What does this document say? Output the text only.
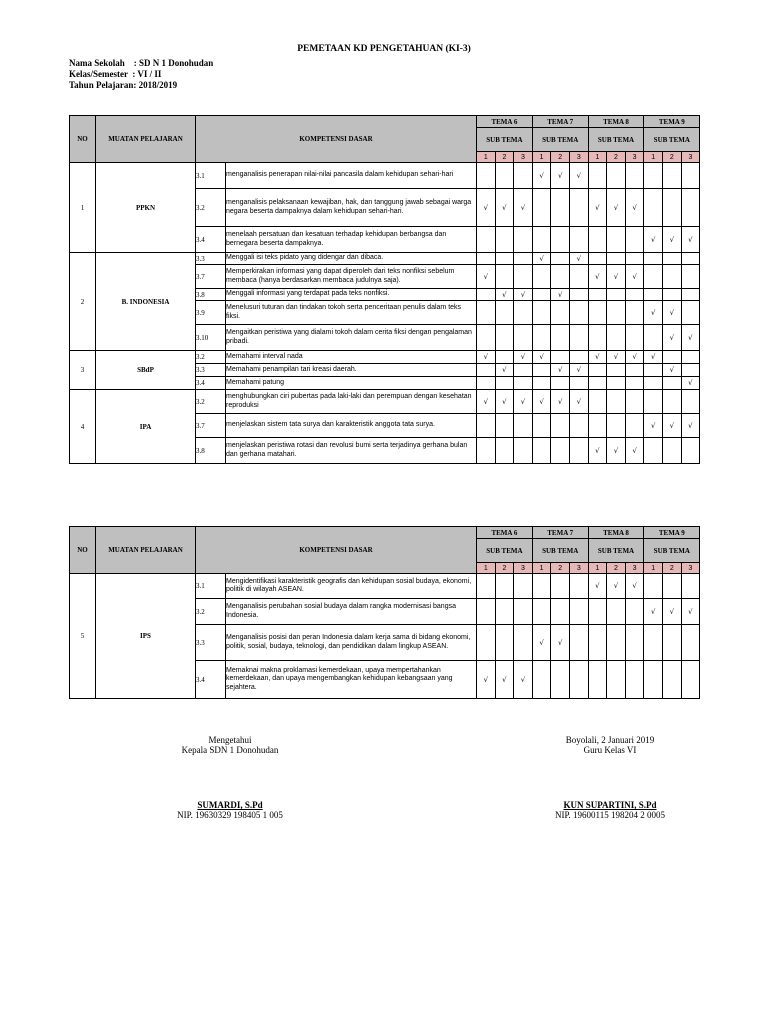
PEMETAAN KD PENGETAHUAN (KI-3)
Nama Sekolah    : SD N 1 Donohudan
Kelas/Semester  : VI / II
Tahun Pelajaran: 2018/2019
NO	MUATAN PELAJARAN	KOMPETENSI DASAR		TEMA 6			TEMA 7			TEMA 8			TEMA 9		
				SUB TEMA			SUB TEMA			SUB TEMA			SUB TEMA		
				1	2	3	1	2	3	1	2	3	1	2	3
1	PPKN	3.1	menganalisis penerapan nilai-nilai pancasila dalam kehidupan sehari-hari				√	√	√						
		3.2	menganalisis pelaksanaan kewajiban, hak, dan tanggung jawab sebagai warga negara beserta dampaknya dalam kehidupan sehari-hari.	√	√	√				√	√	√			
		3.4	menelaah persatuan dan kesatuan terhadap kehidupan berbangsa dan bernegara beserta dampaknya.										√	√	√
2	B. INDONESIA	3.3	Menggali isi teks pidato yang didengar dan dibaca.				√		√						
		3.7	Memperkirakan informasi yang dapat diperoleh dari teks nonfiksi sebelum membaca (hanya berdasarkan membaca judulnya saja).	√						√	√	√			
		3.8	Menggali informasi yang terdapat pada teks nonfiksi.		√	√		√							
		3.9	Menelusuri tuturan dan tindakan tokoh serta penceritaan penulis dalam teks fiksi.										√	√	
		3.10	Mengaitkan peristiwa yang dialami tokoh dalam cerita fiksi dengan pengalaman pribadi.											√	√
3	SBdP	3.2	Memahami interval nada	√		√	√			√	√	√	√		
		3.3	Memahami penampilan tari kreasi daerah.		√			√	√					√	
		3.4	Memahami patung												√
4	IPA	3.2	menghubungkan ciri pubertas pada laki-laki dan perempuan dengan kesehatan reproduksi	√	√	√	√	√	√						
		3.7	menjelaskan sistem tata surya dan karakteristik anggota tata surya.										√	√	√
		3.8	menjelaskan peristiwa rotasi dan revolusi bumi serta terjadinya gerhana bulan dan gerhana matahari.							√	√	√			
NO	MUATAN PELAJARAN	KOMPETENSI DASAR		TEMA 6			TEMA 7			TEMA 8			TEMA 9		
				SUB TEMA			SUB TEMA			SUB TEMA			SUB TEMA		
				1	2	3	1	2	3	1	2	3	1	2	3
5	IPS	3.1	Mengidentifikasi karakteristik geografis dan kehidupan sosial budaya, ekonomi, politik di wilayah ASEAN.							√	√	√			
		3.2	Menganalisis perubahan sosial budaya dalam rangka modernisasi bangsa Indonesia.										√	√	√
		3.3	Menganalisis posisi dan peran Indonesia dalam kerja sama di bidang ekonomi, politik, sosial, budaya, teknologi, dan pendidikan dalam lingkup ASEAN.				√	√							
		3.4	Memaknai makna proklamasi kemerdekaan, upaya mempertahankan kemerdekaan, dan upaya mengembangkan kehidupan kebangsaan yang sejahtera.	√	√	√									
Mengetahui
Kepala SDN 1 Donohudan
SUMARDI, S.Pd
NIP. 19630329 198405 1 005
Boyolali, 2 Januari 2019
Guru Kelas VI
KUN SUPARTINI, S.Pd
NIP. 19600115 198204 2 0005
